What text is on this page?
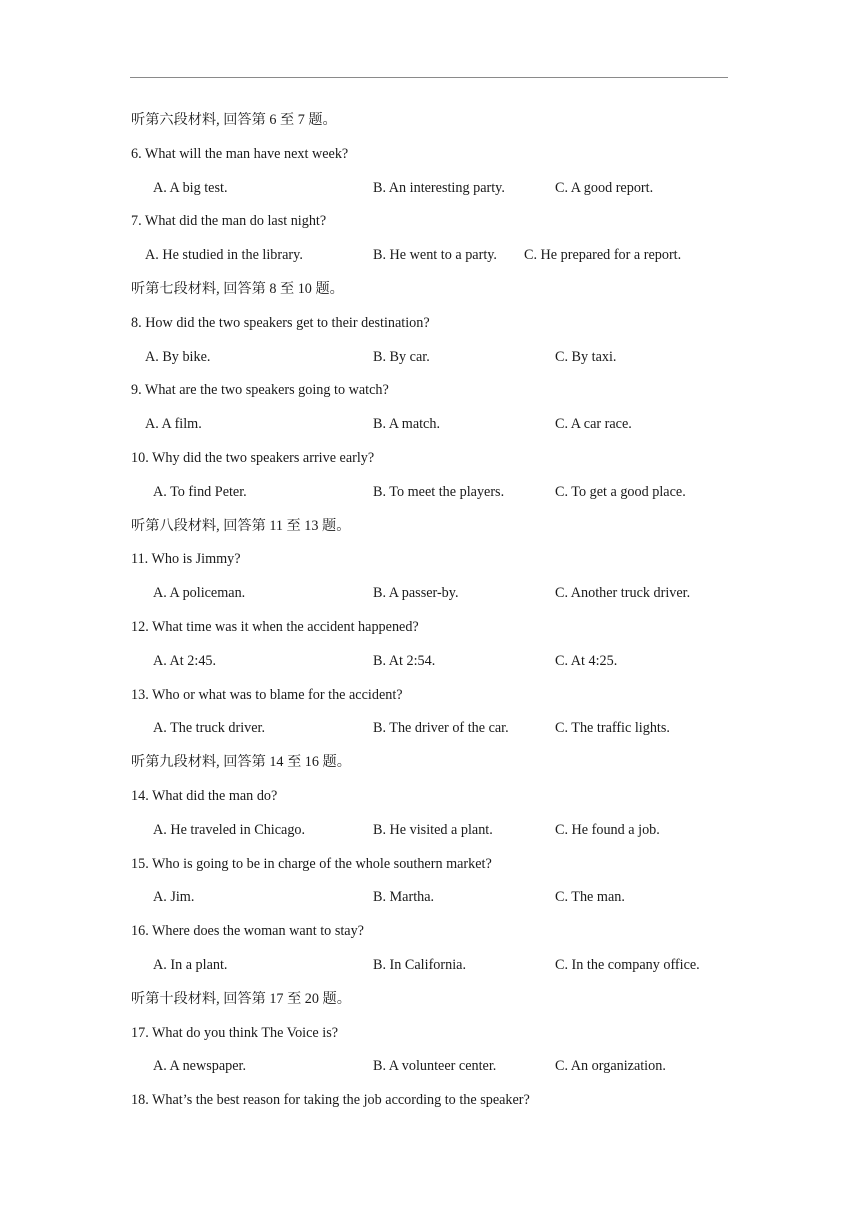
听第六段材料, 回答第 6 至 7 题。
6. What will the man have next week?
A. A big test.	B. An interesting party.	C. A good report.
7. What did the man do last night?
A. He studied in the library.	B. He went to a party. C. He prepared for a report.
听第七段材料, 回答第 8 至 10 题。
8. How did the two speakers get to their destination?
A. By bike.	B. By car.	C. By taxi.
9. What are the two speakers going to watch?
A. A film.	B. A match.	C. A car race.
10. Why did the two speakers arrive early?
A. To find Peter.	B. To meet the players.	C. To get a good place.
听第八段材料, 回答第 11 至 13 题。
11. Who is Jimmy?
A. A policeman.	B. A passer-by.	C. Another truck driver.
12. What time was it when the accident happened?
A. At 2:45.	B. At 2:54.	C. At 4:25.
13. Who or what was to blame for the accident?
A. The truck driver.	B. The driver of the car.	C. The traffic lights.
听第九段材料, 回答第 14 至 16 题。
14. What did the man do?
A. He traveled in Chicago.	B. He visited a plant.	C. He found a job.
15. Who is going to be in charge of the whole southern market?
A. Jim.	B. Martha.	C. The man.
16. Where does the woman want to stay?
A. In a plant.	B. In California.	C. In the company office.
听第十段材料, 回答第 17 至 20 题。
17. What do you think The Voice is?
A. A newspaper.	B. A volunteer center.	C. An organization.
18. What’s the best reason for taking the job according to the speaker?
